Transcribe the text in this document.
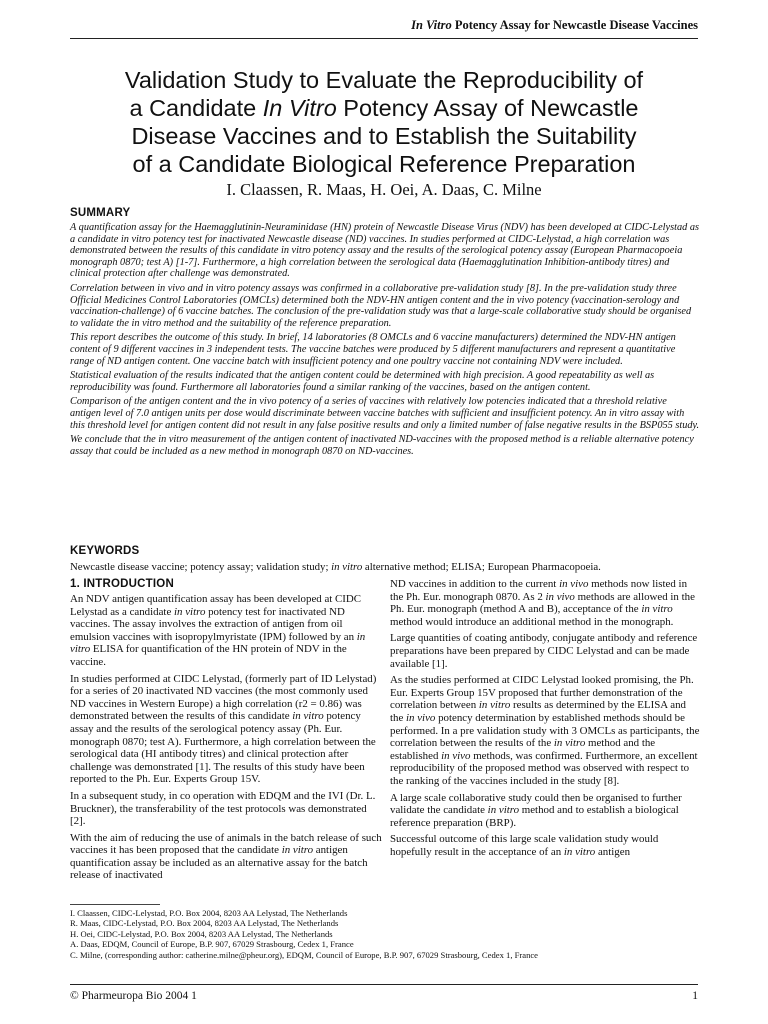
In Vitro Potency Assay for Newcastle Disease Vaccines
Validation Study to Evaluate the Reproducibility of
a Candidate In Vitro Potency Assay of Newcastle
Disease Vaccines and to Establish the Suitability
of a Candidate Biological Reference Preparation
I. Claassen, R. Maas, H. Oei, A. Daas, C. Milne
SUMMARY

A quantification assay for the Haemagglutinin-Neuraminidase (HN) protein of Newcastle Disease Virus (NDV) has been developed at CIDC-Lelystad as a candidate in vitro potency test for inactivated Newcastle disease (ND) vaccines. In studies performed at CIDC-Lelystad, a high correlation was demonstrated between the results of this candidate in vitro potency assay and the results of the serological potency assay (European Pharmacopoeia monograph 0870; test A) [1-7]. Furthermore, a high correlation between the serological data (Haemagglutination Inhibition-antibody titres) and clinical protection after challenge was demonstrated.

Correlation between in vivo and in vitro potency assays was confirmed in a collaborative pre-validation study [8]. In the pre-validation study three Official Medicines Control Laboratories (OMCLs) determined both the NDV-HN antigen content and the in vivo potency (vaccination-serology and vaccination-challenge) of 6 vaccine batches. The conclusion of the pre-validation study was that a large-scale collaborative study should be organised to validate the in vitro method and the suitability of the reference preparation.

This report describes the outcome of this study. In brief, 14 laboratories (8 OMCLs and 6 vaccine manufacturers) determined the NDV-HN antigen content of 9 different vaccines in 3 independent tests. The vaccine batches were produced by 5 different manufacturers and represent a quantitative range of ND antigen content. One vaccine batch with insufficient potency and one poultry vaccine not containing NDV were included.

Statistical evaluation of the results indicated that the antigen content could be determined with high precision. A good repeatability as well as reproducibility was found. Furthermore all laboratories found a similar ranking of the vaccines, based on the antigen content.

Comparison of the antigen content and the in vivo potency of a series of vaccines with relatively low potencies indicated that a threshold relative antigen level of 7.0 antigen units per dose would discriminate between vaccine batches with sufficient and insufficient potency. An in vitro assay with this threshold level for antigen content did not result in any false positive results and only a limited number of false negative results in the BSP055 study.

We conclude that the in vitro measurement of the antigen content of inactivated ND-vaccines with the proposed method is a reliable alternative potency assay that could be included as a new method in monograph 0870 on ND-vaccines.

KEYWORDS
Newcastle disease vaccine; potency assay; validation study; in vitro alternative method; ELISA; European Pharmacopoeia.
1. INTRODUCTION

An NDV antigen quantification assay has been developed at CIDC Lelystad as a candidate in vitro potency test for inactivated ND vaccines. The assay involves the extraction of antigen from oil emulsion vaccines with isopropylmyristate (IPM) followed by an in vitro ELISA for quantification of the HN protein of NDV in the vaccine.

In studies performed at CIDC Lelystad, (formerly part of ID Lelystad) for a series of 20 inactivated ND vaccines (the most commonly used ND vaccines in Western Europe) a high correlation (r2 = 0.86) was demonstrated between the results of this candidate in vitro potency assay and the results of the serological potency assay (Ph. Eur. monograph 0870; test A). Furthermore, a high correlation between the serological data (HI antibody titres) and clinical protection after challenge was demonstrated [1]. The results of this study have been reported to the Ph. Eur. Experts Group 15V.

In a subsequent study, in co operation with EDQM and the IVI (Dr. L. Bruckner), the transferability of the test protocols was demonstrated [2].

With the aim of reducing the use of animals in the batch release of such vaccines it has been proposed that the candidate in vitro antigen quantification assay be included as an alternative assay for the batch release of inactivated

ND vaccines in addition to the current in vivo methods now listed in the Ph. Eur. monograph 0870. As 2 in vivo methods are allowed in the Ph. Eur. monograph (method A and B), acceptance of the in vitro method would introduce an additional method in the monograph.

Large quantities of coating antibody, conjugate antibody and reference preparations have been prepared by CIDC Lelystad and can be made available [1].

As the studies performed at CIDC Lelystad looked promising, the Ph. Eur. Experts Group 15V proposed that further demonstration of the correlation between in vitro results as determined by the ELISA and the in vivo potency determination by established methods should be performed. In a pre validation study with 3 OMCLs as participants, the correlation between the results of the in vitro method and the established in vivo methods, was confirmed. Furthermore, an excellent reproducibility of the proposed method was observed with respect to the ranking of the vaccines included in the study [8].

A large scale collaborative study could then be organised to further validate the candidate in vitro method and to establish a biological reference preparation (BRP).

Successful outcome of this large scale validation study would hopefully result in the acceptance of an in vitro antigen

I. Claassen, CIDC-Lelystad, P.O. Box 2004, 8203 AA Lelystad, The Netherlands
R. Maas, CIDC-Lelystad, P.O. Box 2004, 8203 AA Lelystad, The Netherlands
H. Oei, CIDC-Lelystad, P.O. Box 2004, 8203 AA Lelystad, The Netherlands
A. Daas, EDQM, Council of Europe, B.P. 907, 67029 Strasbourg, Cedex 1, France
C. Milne, (corresponding author: catherine.milne@pheur.org), EDQM, Council of Europe, B.P. 907, 67029 Strasbourg, Cedex 1, France
© Pharmeuropa Bio 2004 1	1
